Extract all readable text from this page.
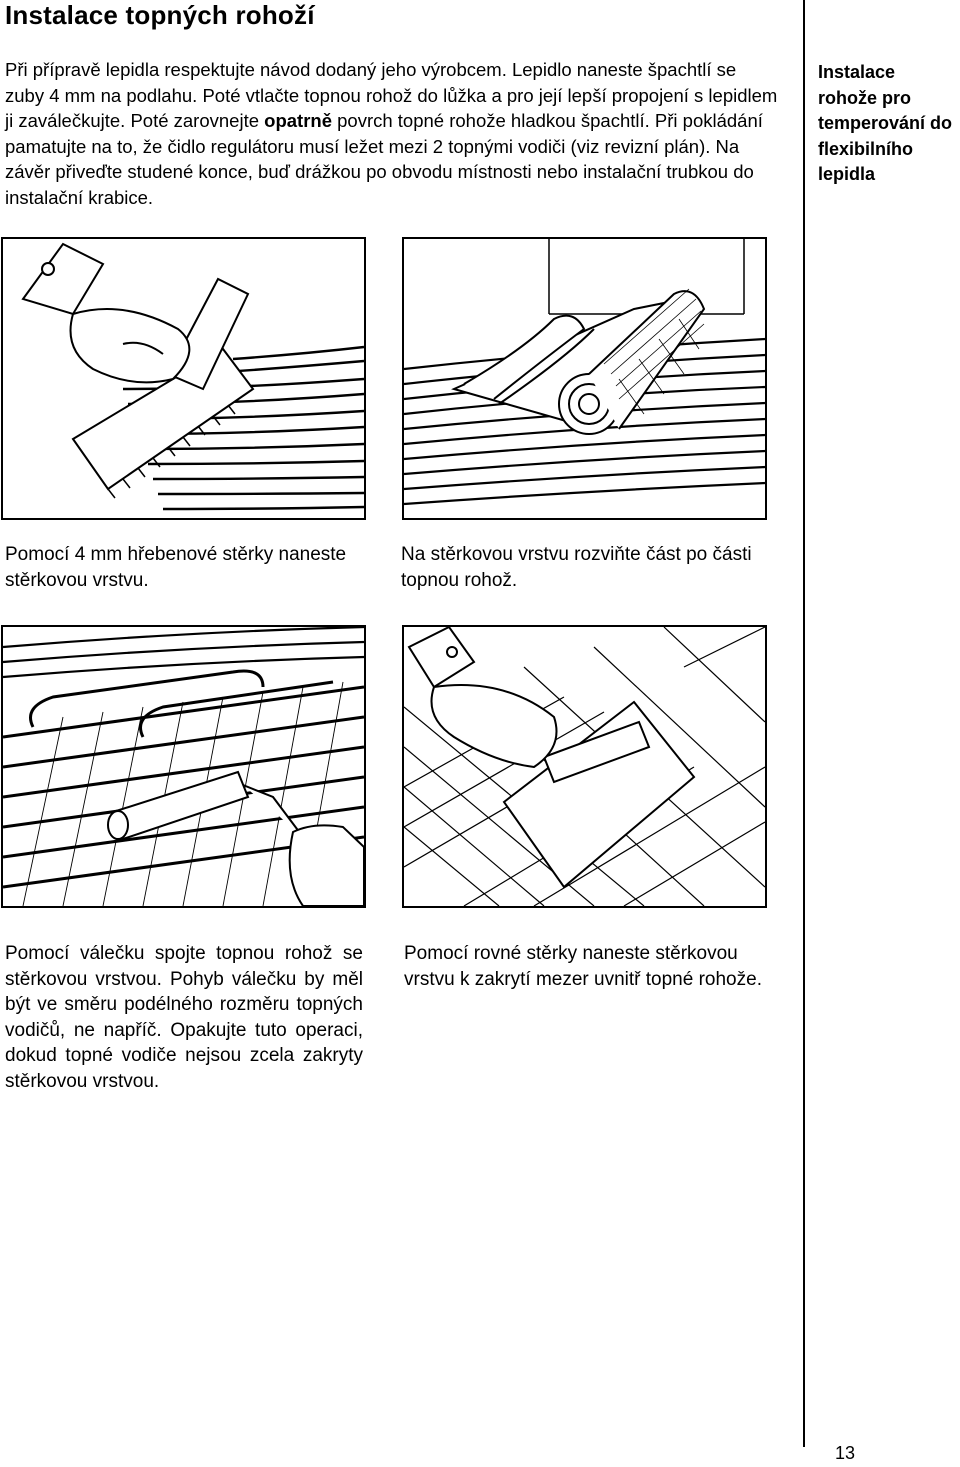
Instalace topných rohoží

Při přípravě lepidla respektujte návod dodaný jeho výrobcem. Lepidlo naneste špachtlí se zuby 4 mm na podlahu. Poté vtlačte topnou rohož do lůžka a pro její lepší propojení s lepidlem ji zaválečkujte. Poté zarovnejte opatrně povrch topné rohože hladkou špachtlí. Při pokládání pamatujte na to, že čidlo regulátoru musí ležet mezi 2 topnými vodiči (viz revizní plán). Na závěr přiveďte studené konce, buď drážkou po obvodu místnosti nebo instalační trubkou do instalační krabice.

Instalace rohože pro temperování do flexibilního lepidla

Pomocí 4 mm hřebenové stěrky naneste stěrkovou vrstvu.

Na stěrkovou vrstvu rozviňte část po části topnou rohož.

Pomocí válečku spojte topnou rohož se stěrkovou vrstvou. Pohyb válečku by měl být ve směru podélného rozměru topných vodičů, ne napříč. Opakujte tuto operaci, dokud topné vodiče nejsou zcela zakryty stěrkovou vrstvou.

Pomocí rovné stěrky naneste stěrkovou vrstvu k zakrytí mezer uvnitř topné rohože.

13
